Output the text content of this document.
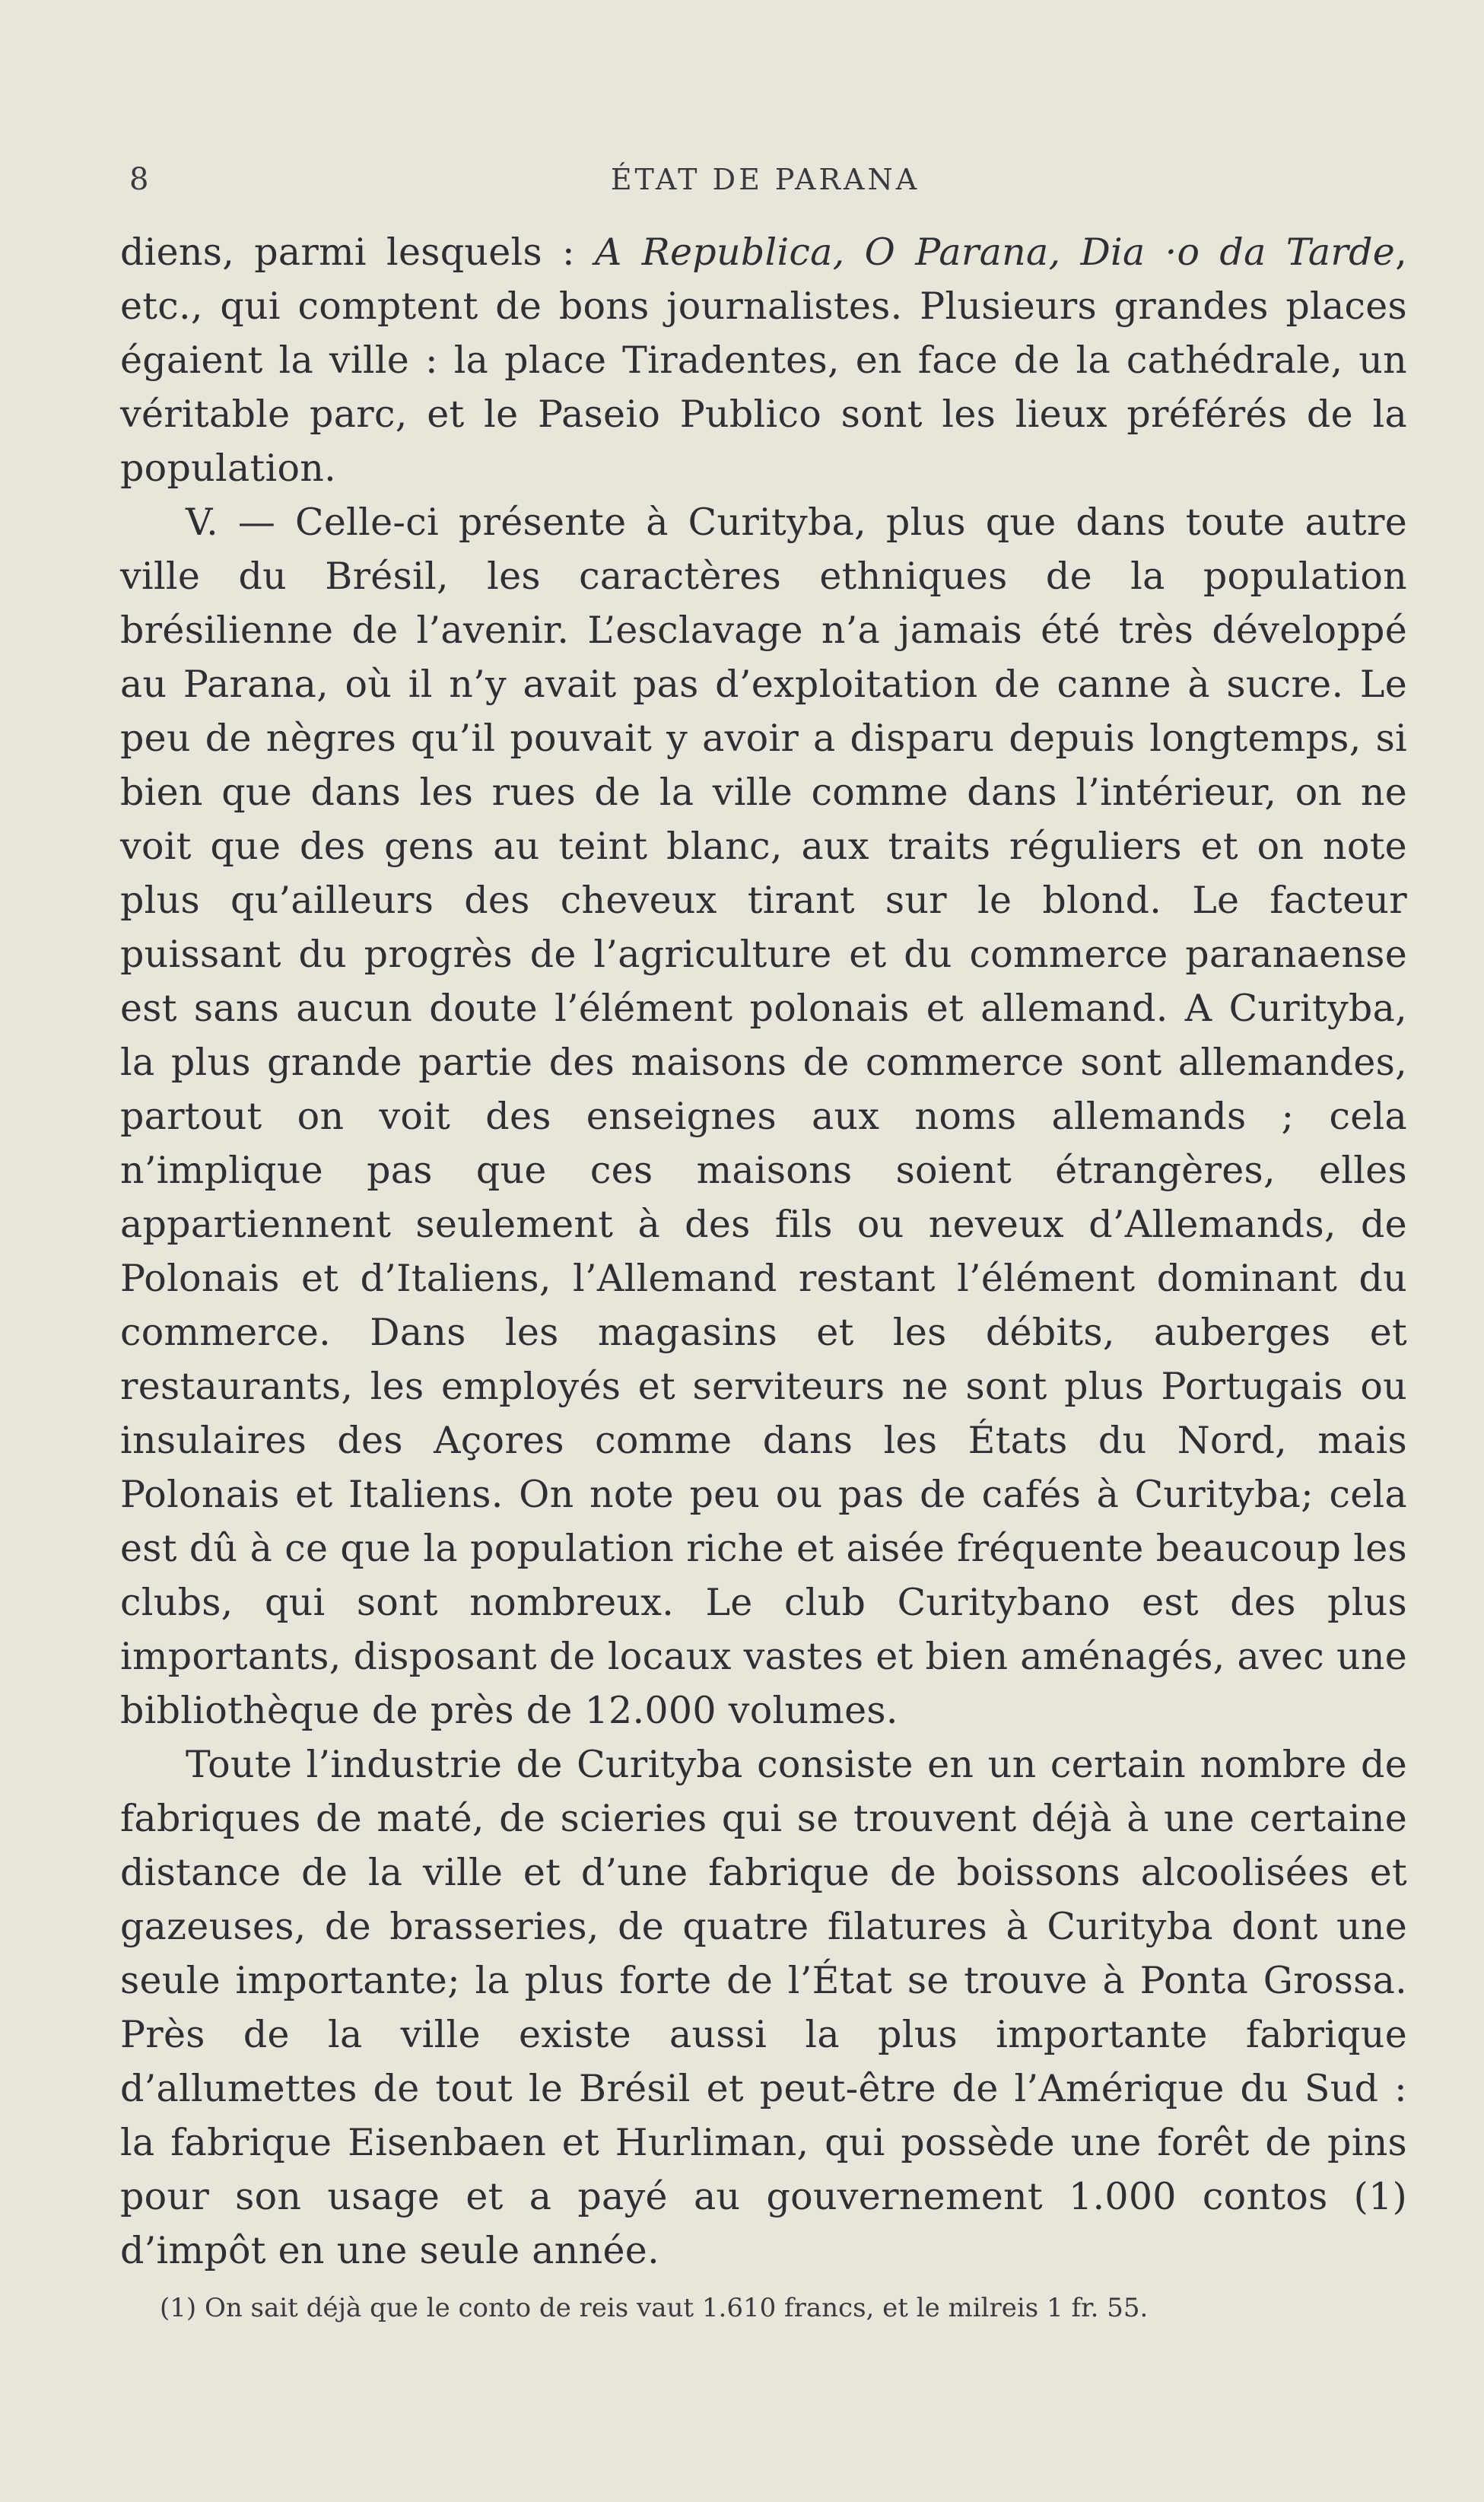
8	ÉTAT DE PARANA

diens, parmi lesquels : A Republica, O Parana, Dia ·o da Tarde, etc., qui comptent de bons journalistes. Plusieurs grandes places égaient la ville : la place Tiradentes, en face de la cathédrale, un véritable parc, et le Paseio Publico sont les lieux préférés de la population.

V. — Celle-ci présente à Curityba, plus que dans toute autre ville du Brésil, les caractères ethniques de la population brésilienne de l’avenir. L’esclavage n’a jamais été très développé au Parana, où il n’y avait pas d’exploitation de canne à sucre. Le peu de nègres qu’il pouvait y avoir a disparu depuis longtemps, si bien que dans les rues de la ville comme dans l’intérieur, on ne voit que des gens au teint blanc, aux traits réguliers et on note plus qu’ailleurs des cheveux tirant sur le blond. Le facteur puissant du progrès de l’agriculture et du commerce paranaense est sans aucun doute l’élément polonais et allemand. A Curityba, la plus grande partie des maisons de commerce sont allemandes, partout on voit des enseignes aux noms allemands ; cela n’implique pas que ces maisons soient étrangères, elles appartiennent seulement à des fils ou neveux d’Allemands, de Polonais et d’Italiens, l’Allemand restant l’élément dominant du commerce. Dans les magasins et les débits, auberges et restaurants, les employés et serviteurs ne sont plus Portugais ou insulaires des Açores comme dans les États du Nord, mais Polonais et Italiens. On note peu ou pas de cafés à Curityba; cela est dû à ce que la population riche et aisée fréquente beaucoup les clubs, qui sont nombreux. Le club Curitybano est des plus importants, disposant de locaux vastes et bien aménagés, avec une bibliothèque de près de 12.000 volumes.

Toute l’industrie de Curityba consiste en un certain nombre de fabriques de maté, de scieries qui se trouvent déjà à une certaine distance de la ville et d’une fabrique de boissons alcoolisées et gazeuses, de brasseries, de quatre filatures à Curityba dont une seule importante; la plus forte de l’État se trouve à Ponta Grossa. Près de la ville existe aussi la plus importante fabrique d’allumettes de tout le Brésil et peut-être de l’Amérique du Sud : la fabrique Eisenbaen et Hurliman, qui possède une forêt de pins pour son usage et a payé au gouvernement 1.000 contos (1) d’impôt en une seule année.

(1) On sait déjà que le conto de reis vaut 1.610 francs, et le milreis 1 fr. 55.
